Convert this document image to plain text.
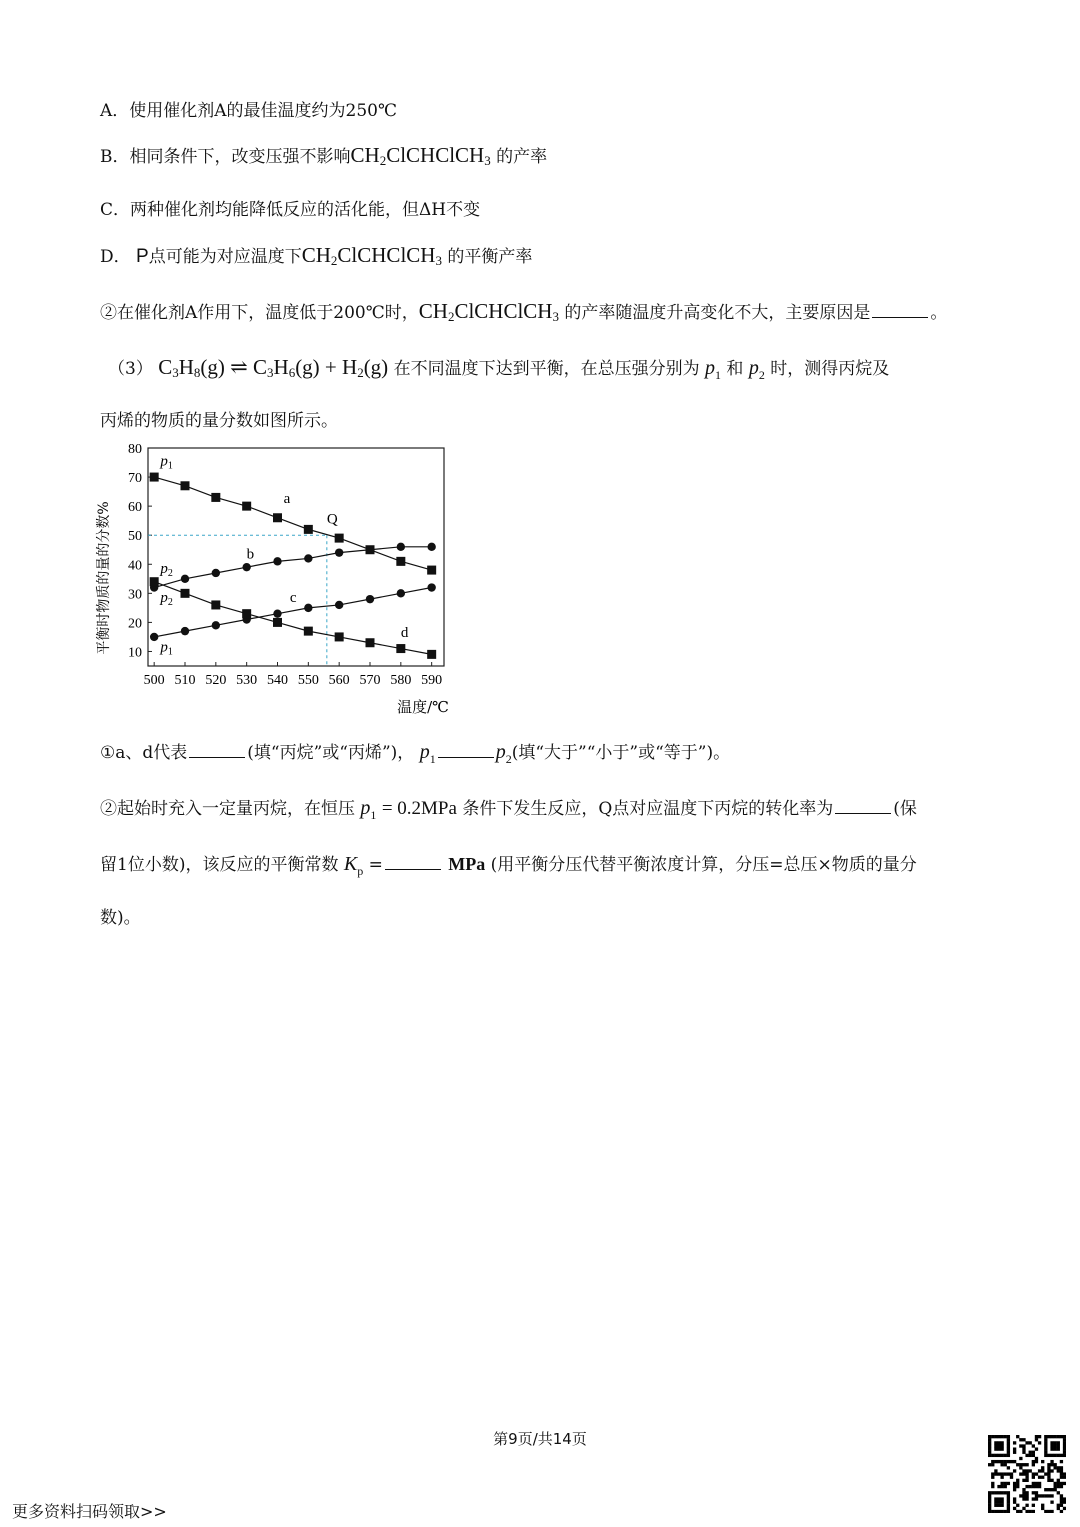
A．使用催化剂A的最佳温度约为250℃
B．相同条件下，改变压强不影响$CH_2ClCHClCH_3$ 的产率
C．两种催化剂均能降低反应的活化能，但ΔH不变
D． P点可能为对应温度下$CH_2ClCHClCH_3$ 的平衡产率
②在催化剂A作用下，温度低于200℃时，$CH_2ClCHClCH_3$ 的产率随温度升高变化不大，主要原因是	。
（3） $C_3H_8(g)$ ⇌ $C_3H_6(g) + H_2(g)$ 在不同温度下达到平衡，在总压强分别为 $p_1$ 和 $p_2$ 时，测得丙烷及
丙烯的物质的量分数如图所示。
500 510 520 530 540 550 560 570 580 590
10
20
30
40
50
60
70
80
$p_1$
a
Q
b
$p_2$
$p_2$	c
d
$p_1$
温度/℃
平衡时物质的量的分数%
①a、d代表	(填“丙烷”或“丙烯”)， $p_1$	$p_2$(填“大于”“小于”或“等于”)。
②起始时充入一定量丙烷，在恒压 $p_1 = 0.2MPa$ 条件下发生反应，Q点对应温度下丙烷的转化率为	(保
留1位小数)，该反应的平衡常数 $K_p$ =	MPa (用平衡分压代替平衡浓度计算，分压=总压×物质的量分
数)。
第9页/共14页
更多资料扫码领取>>
